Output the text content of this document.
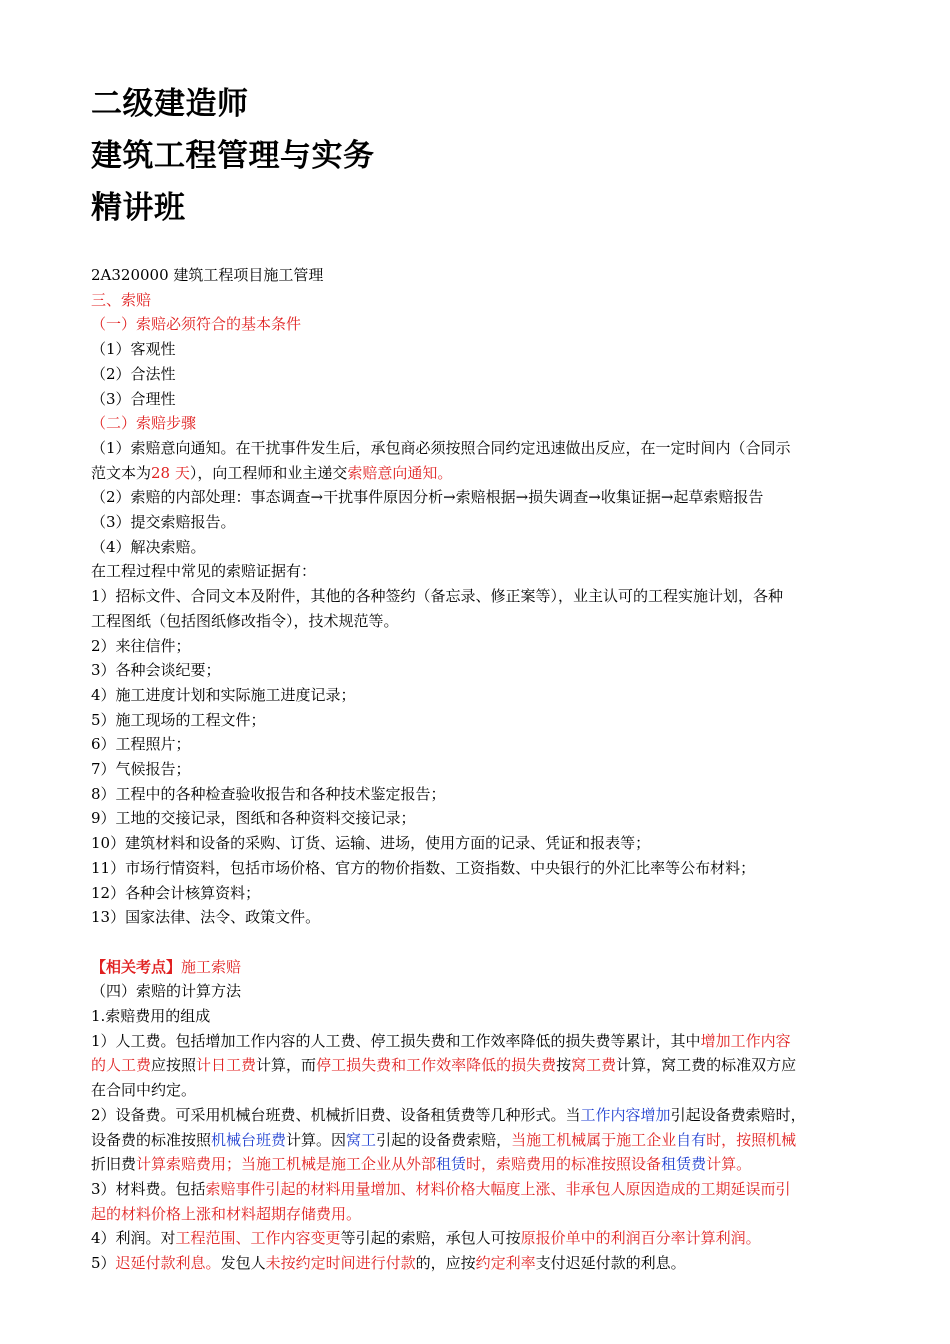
二级建造师

建筑工程管理与实务

精讲班

2A320000 建筑工程项目施工管理

三、索赔

（一）索赔必须符合的基本条件

（1）客观性

（2）合法性

（3）合理性

（二）索赔步骤

（1）索赔意向通知。在干扰事件发生后，承包商必须按照合同约定迅速做出反应，在一定时间内（合同示

范文本为28 天），向工程师和业主递交索赔意向通知。

（2）索赔的内部处理：事态调查→干扰事件原因分析→索赔根据→损失调查→收集证据→起草索赔报告

（3）提交索赔报告。

（4）解决索赔。

在工程过程中常见的索赔证据有：

1）招标文件、合同文本及附件，其他的各种签约（备忘录、修正案等），业主认可的工程实施计划，各种

工程图纸（包括图纸修改指令），技术规范等。

2）来往信件；

3）各种会谈纪要；

4）施工进度计划和实际施工进度记录；

5）施工现场的工程文件；

6）工程照片；

7）气候报告；

8）工程中的各种检查验收报告和各种技术鉴定报告；

9）工地的交接记录，图纸和各种资料交接记录；

10）建筑材料和设备的采购、订货、运输、进场，使用方面的记录、凭证和报表等；

11）市场行情资料，包括市场价格、官方的物价指数、工资指数、中央银行的外汇比率等公布材料；

12）各种会计核算资料；

13）国家法律、法令、政策文件。

【相关考点】施工索赔

（四）索赔的计算方法

1.索赔费用的组成

1）人工费。包括增加工作内容的人工费、停工损失费和工作效率降低的损失费等累计，其中增加工作内容

的人工费应按照计日工费计算，而停工损失费和工作效率降低的损失费按窝工费计算，窝工费的标准双方应

在合同中约定。

2）设备费。可采用机械台班费、机械折旧费、设备租赁费等几种形式。当工作内容增加引起设备费索赔时，

设备费的标准按照机械台班费计算。因窝工引起的设备费索赔，当施工机械属于施工企业自有时，按照机械

折旧费计算索赔费用；当施工机械是施工企业从外部租赁时，索赔费用的标准按照设备租赁费计算。

3）材料费。包括索赔事件引起的材料用量增加、材料价格大幅度上涨、非承包人原因造成的工期延误而引

起的材料价格上涨和材料超期存储费用。

4）利润。对工程范围、工作内容变更等引起的索赔，承包人可按原报价单中的利润百分率计算利润。

5）迟延付款利息。发包人未按约定时间进行付款的，应按约定利率支付迟延付款的利息。
